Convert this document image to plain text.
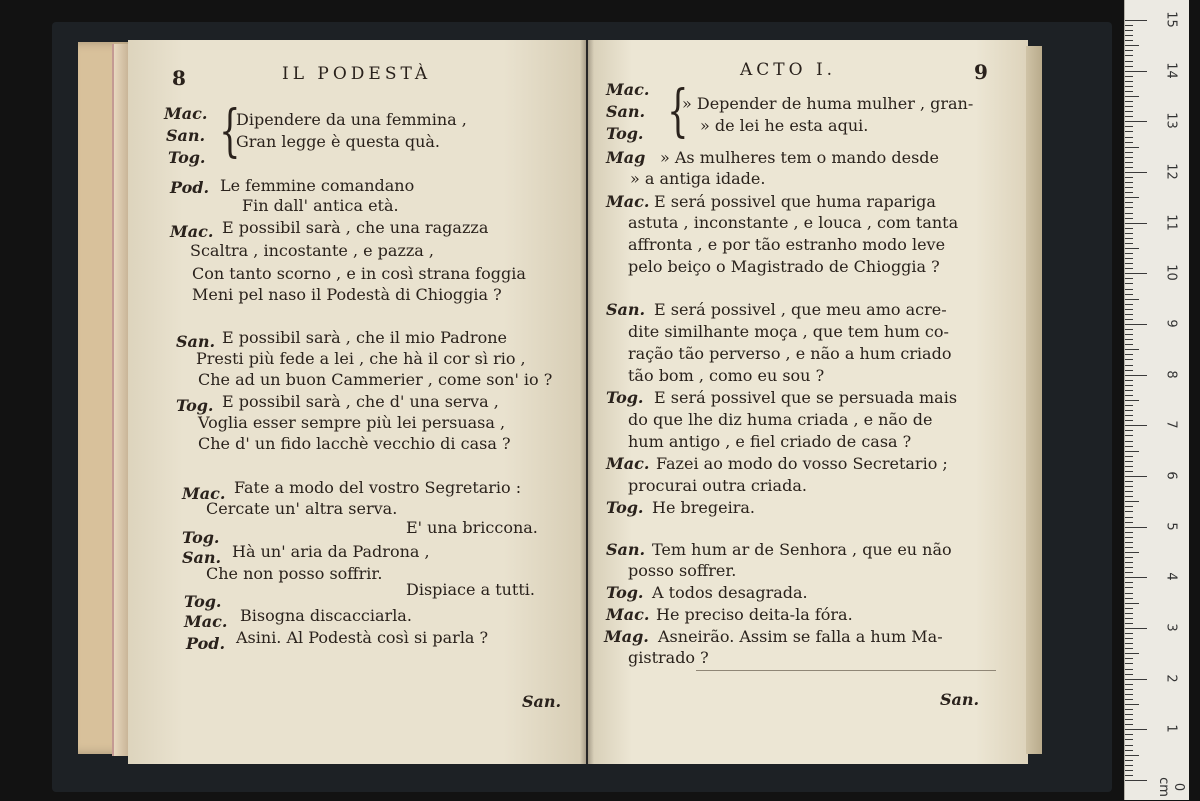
8	IL PODESTÀ
{
Mac. Dipendere da una femmina ,
San. Gran legge è questa quà.
Tog.
Pod. Le femmine comandano
Fin dall' antica età.
Mac. E possibil sarà , che una ragazza
Scaltra , incostante , e pazza ,
Con tanto scorno , e in così strana foggia
Meni pel naso il Podestà di Chioggia ?
San. E possibil sarà , che il mio Padrone
Presti più fede a lei , che hà il cor sì rio ,
Che ad un buon Cammerier , come son' io ?
Tog. E possibil sarà , che d' una serva ,
Voglia esser sempre più lei persuasa ,
Che d' un fido lacchè vecchio di casa ?
Mac. Fate a modo del vostro Segretario :
Cercate un' altra serva.
E' una briccona.
Tog.
San. Hà un' aria da Padrona ,
Che non posso soffrir.
Dispiace a tutti.
Tog.
Mac. Bisogna discacciarla.
Pod. Asini. Al Podestà così si parla ?
San.
ACTO I.	9
{
Mac.
San. » Depender de huma mulher , gran-
» de lei he esta aqui.
Tog.
Mag » As mulheres tem o mando desde
» a antiga idade.
Mac. E será possivel que huma rapariga
astuta , inconstante , e louca , com tanta
affronta , e por tão estranho modo leve
pelo beiço o Magistrado de Chioggia ?
San. E será possivel , que meu amo acre-
dite similhante moça , que tem hum co-
ração tão perverso , e não a hum criado
tão bom , como eu sou ?
Tog. E será possivel que se persuada mais
do que lhe diz huma criada , e não de
hum antigo , e fiel criado de casa ?
Mac. Fazei ao modo do vosso Secretario ;
procurai outra criada.
Tog. He bregeira.
San. Tem hum ar de Senhora , que eu não
posso soffrer.
Tog. A todos desagrada.
Mac. He preciso deita-la fóra.
Mag. Asneirão. Assim se falla a hum Ma-
gistrado ?
San.
15
14
13
12
11
10
9
8
7
6
5
4
3
2
1
0 cm
